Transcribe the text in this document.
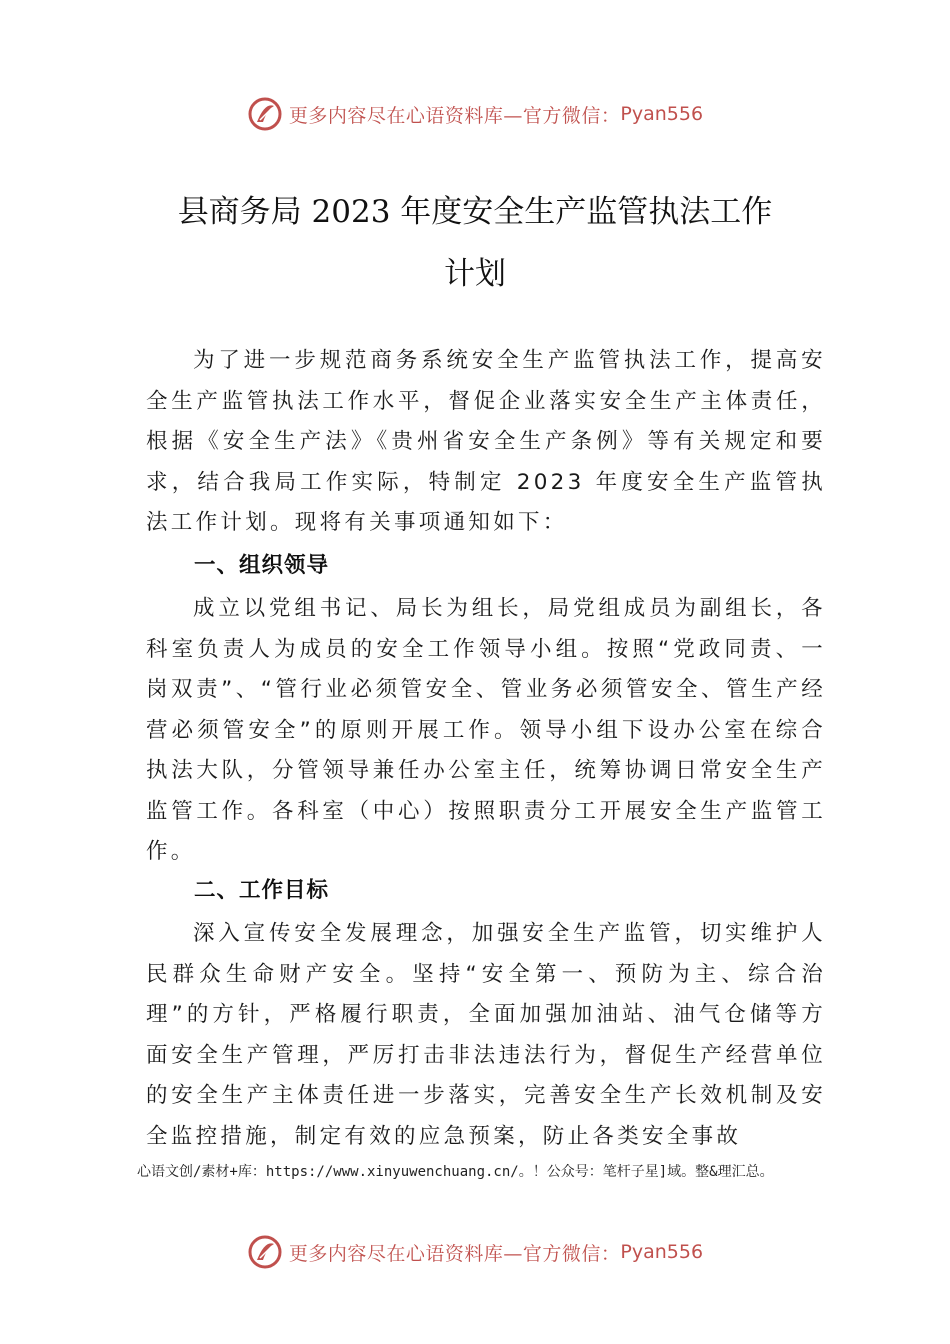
更多内容尽在心语资料库—官方微信： Pyan556
县商务局 2023 年度安全生产监管执法工作
计划
为了进一步规范商务系统安全生产监管执法工作，提高安全生产监管执法工作水平，督促企业落实安全生产主体责任，根据《安全生产法》《贵州省安全生产条例》等有关规定和要求，结合我局工作实际，特制定 2023 年度安全生产监管执法工作计划。现将有关事项通知如下：
一、组织领导
成立以党组书记、局长为组长，局党组成员为副组长，各科室负责人为成员的安全工作领导小组。按照“党政同责、一岗双责”、“管行业必须管安全、管业务必须管安全、管生产经营必须管安全”的原则开展工作。领导小组下设办公室在综合执法大队，分管领导兼任办公室主任，统筹协调日常安全生产监管工作。各科室（中心）按照职责分工开展安全生产监管工作。
二、工作目标
深入宣传安全发展理念，加强安全生产监管，切实维护人民群众生命财产安全。坚持“安全第一、预防为主、综合治理”的方针，严格履行职责，全面加强加油站、油气仓储等方面安全生产管理，严厉打击非法违法行为，督促生产经营单位的安全生产主体责任进一步落实，完善安全生产长效机制及安全监控措施，制定有效的应急预案，防止各类安全事故
心语文创/素材+库：https://www.xinyuwenchuang.cn/。！公众号：笔杆子星]域。整&理汇总。
更多内容尽在心语资料库—官方微信： Pyan556
